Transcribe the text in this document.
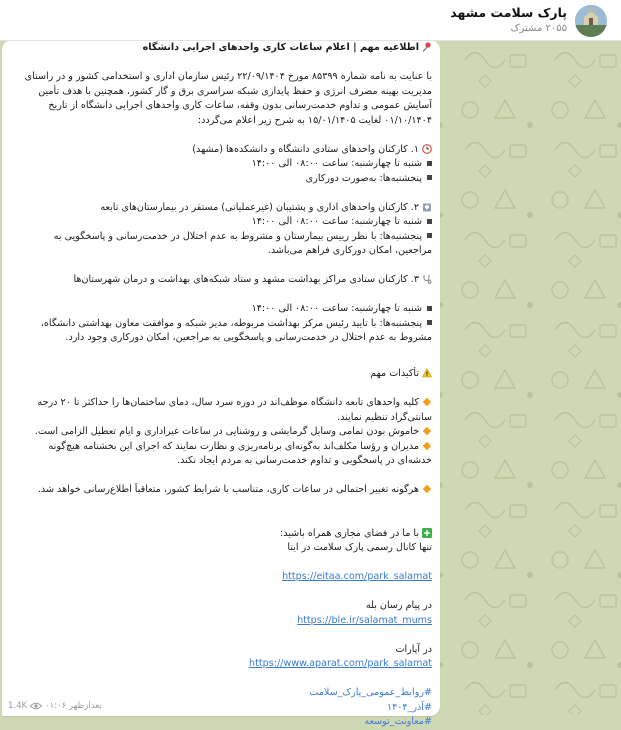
پارک سلامت مشهد
۲۰۵۵ مشترک
اطلاعیه مهم | اعلام ساعات کاری واحدهای اجرایی دانشگاه
با عنایت به نامه شماره ۸۵۳۹۹ مورخ ۲۲/۰۹/۱۴۰۴ رئیس سازمان اداری و استخدامی کشور و در راستای
مدیریت بهینه مصرف انرژی و حفظ پایداری شبکه سراسری برق و گاز کشور، همچنین با هدف تأمین
آسایش عمومی و تداوم خدمت‌رسانی بدون وقفه، ساعات کاری واحدهای اجرایی دانشگاه از تاریخ
۰۱/۱۰/۱۴۰۴ لغایت ۱۵/۰۱/۱۴۰۵ به شرح زیر اعلام می‌گردد:
۱. کارکنان واحدهای ستادی دانشگاه و دانشکده‌ها (مشهد)
شنبه تا چهارشنبه: ساعت ۰۸:۰۰ الی ۱۴:۰۰
پنجشنبه‌ها: به‌صورت دورکاری
۲. کارکنان واحدهای اداری و پشتیبان (غیرعملیاتی) مستقر در بیمارستان‌های تابعه
شنبه تا چهارشنبه: ساعت ۰۸:۰۰ الی ۱۴:۰۰
پنجشنبه‌ها: با نظر رییس بیمارستان و مشروط به عدم اختلال در خدمت‌رسانی و پاسخگویی به
مراجعین، امکان دورکاری فراهم می‌باشد.
۳. کارکنان ستادی مراکز بهداشت مشهد و ستاد شبکه‌های بهداشت و درمان شهرستان‌ها
شنبه تا چهارشنبه: ساعت ۰۸:۰۰ الی ۱۴:۰۰
پنجشنبه‌ها: با تایید رئیس مرکز بهداشت مربوطه، مدیر شبکه و موافقت معاون بهداشتی دانشگاه،
مشروط به عدم اختلال در خدمت‌رسانی و پاسخگویی به مراجعین، امکان دورکاری وجود دارد.
تأکیدات مهم
کلیه واحدهای تابعه دانشگاه موظف‌اند در دوره سرد سال، دمای ساختمان‌ها را حداکثر تا ۲۰ درجه
سانتی‌گراد تنظیم نمایند.
خاموش بودن تمامی وسایل گرمایشی و روشنایی در ساعات غیراداری و ایام تعطیل الزامی است.
مدیران و رؤسا مکلف‌اند به‌گونه‌ای برنامه‌ریزی و نظارت نمایند که اجرای این بخشنامه هیچ‌گونه
خدشه‌ای در پاسخگویی و تداوم خدمت‌رسانی به مردم ایجاد نکند.
هرگونه تغییر احتمالی در ساعات کاری، متناسب با شرایط کشور، متعاقباً اطلاع‌رسانی خواهد شد.
با ما در فضای مجازی همراه باشید:
تنها کانال رسمی پارک سلامت در ایتا
https://eitaa.com/park_salamat
در پیام رسان بله
https://ble.ir/salamat_mums
در آپارات
https://www.aparat.com/park_salamat
#روابط_عمومی_پارک_سلامت
#آذر_۱۴۰۴
#معاونت_توسعه
1.4K ۰۱:۰۶ بعدازظهر
